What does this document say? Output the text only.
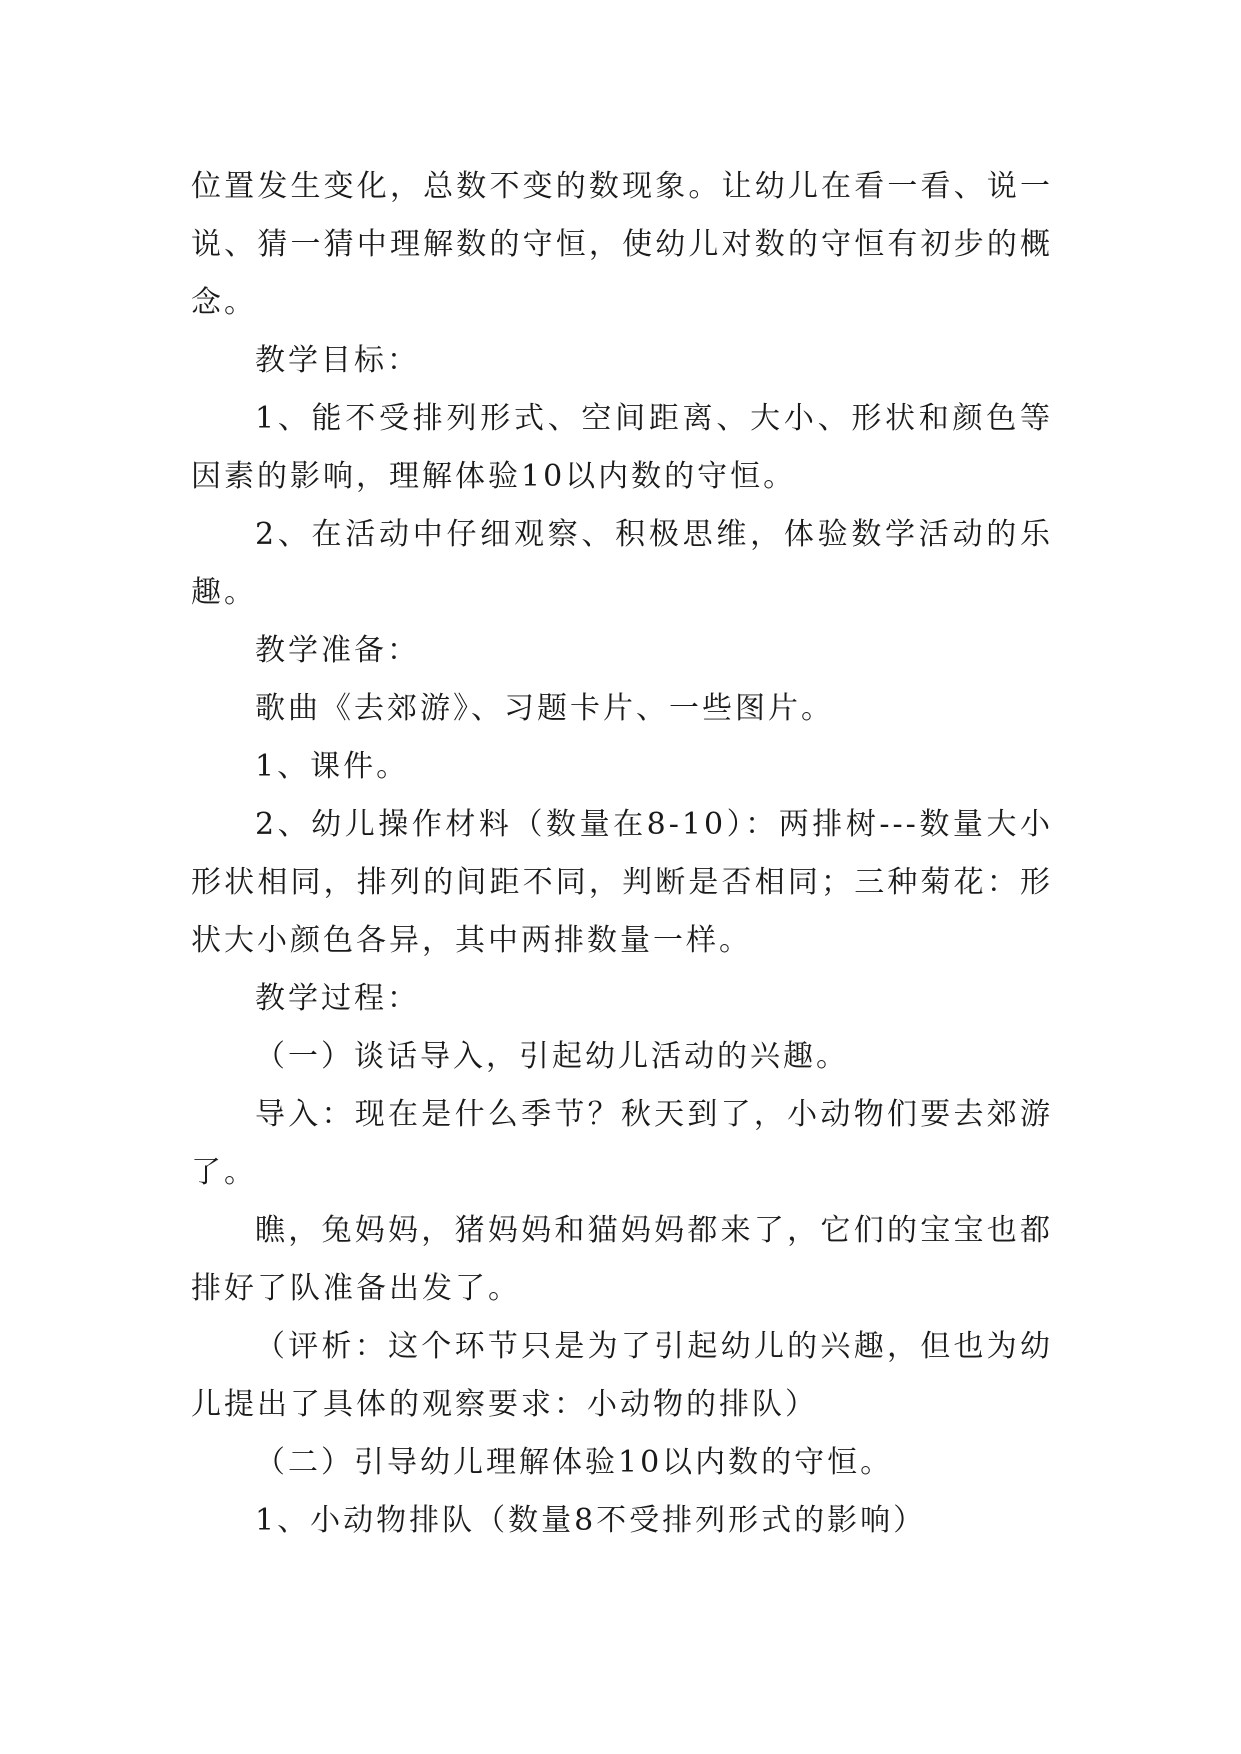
位置发生变化，总数不变的数现象。让幼儿在看一看、说一说、猜一猜中理解数的守恒，使幼儿对数的守恒有初步的概念。

教学目标：

1、能不受排列形式、空间距离、大小、形状和颜色等因素的影响，理解体验10以内数的守恒。

2、在活动中仔细观察、积极思维，体验数学活动的乐趣。

教学准备：

歌曲《去郊游》、习题卡片、一些图片。

1、课件。

2、幼儿操作材料（数量在8-10）：两排树---数量大小形状相同，排列的间距不同，判断是否相同；三种菊花：形状大小颜色各异，其中两排数量一样。

教学过程：

（一）谈话导入，引起幼儿活动的兴趣。

导入：现在是什么季节？秋天到了，小动物们要去郊游了。

瞧，兔妈妈，猪妈妈和猫妈妈都来了，它们的宝宝也都排好了队准备出发了。

（评析：这个环节只是为了引起幼儿的兴趣，但也为幼儿提出了具体的观察要求：小动物的排队）

（二）引导幼儿理解体验10以内数的守恒。

1、小动物排队（数量8不受排列形式的影响）
